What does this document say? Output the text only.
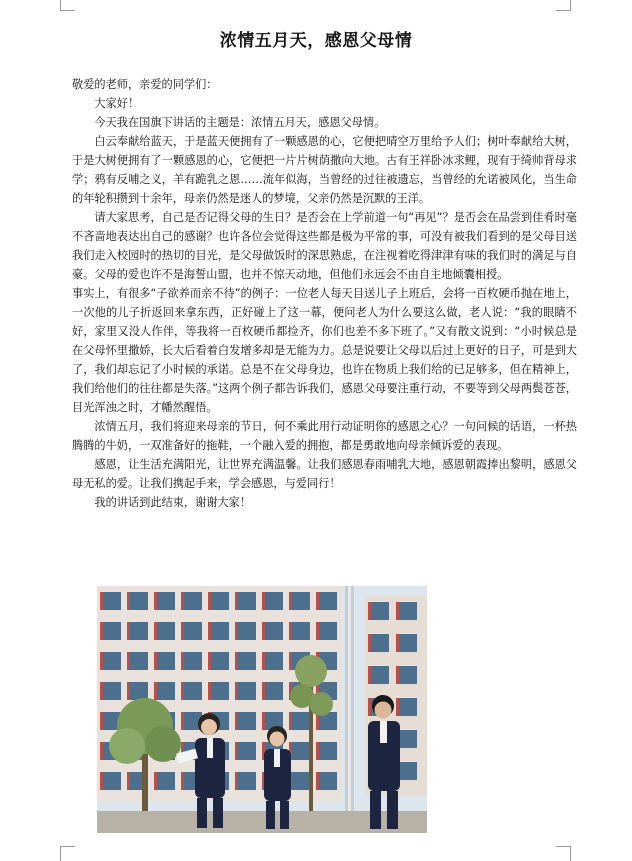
浓情五月天，感恩父母情

敬爱的老师，亲爱的同学们：

大家好！

今天我在国旗下讲话的主题是：浓情五月天，感恩父母情。

白云奉献给蓝天，于是蓝天便拥有了一颗感恩的心，它便把晴空万里给予人们；树叶奉献给大树，于是大树便拥有了一颗感恩的心，它便把一片片树荫撒向大地。古有王祥卧冰求鲤，现有于绮帅背母求学；鸦有反哺之义，羊有跪乳之恩……流年似海，当曾经的过往被遗忘，当曾经的允诺被风化，当生命的年轮积攒到十余年，母亲仍然是迷人的梦境，父亲仍然是沉默的王洋。

请大家思考，自己是否记得父母的生日？是否会在上学前道一句“再见”？是否会在品尝到佳肴时毫不吝啬地表达出自己的感谢？也许各位会觉得这些都是极为平常的事，可没有被我们看到的是父母目送我们走入校园时的热切的目光，是父母做饭时的深思熟虑，在注视着吃得津津有味的我们时的满足与自豪。父母的爱也许不是海誓山盟，也并不惊天动地，但他们永远会不由自主地倾囊相授。

事实上，有很多“子欲养而亲不待”的例子：一位老人每天目送儿子上班后，会将一百枚硬币抛在地上，一次他的儿子折返回来拿东西，正好碰上了这一幕，便问老人为什么要这么做，老人说：“我的眼睛不好，家里又没人作伴，等我将一百枚硬币都捡齐，你们也差不多下班了。”又有散文说到：“小时候总是在父母怀里撒娇，长大后看着白发增多却是无能为力。总是说要让父母以后过上更好的日子，可是到大了，我们却忘记了小时候的承诺。总是不在父母身边，也许在物质上我们给的已足够多，但在精神上，我们给他们的往往都是失落。”这两个例子都告诉我们，感恩父母要注重行动，不要等到父母两鬓苍苍，目光浑浊之时，才幡然醒悟。

浓情五月，我们将迎来母亲的节日，何不乘此用行动证明你的感恩之心？一句问候的话语，一杯热腾腾的牛奶，一双准备好的拖鞋，一个融入爱的拥抱，都是勇敢地向母亲倾诉爱的表现。

感恩，让生活充满阳光，让世界充满温馨。让我们感恩春雨哺乳大地，感恩朝霞捧出黎明，感恩父母无私的爱。让我们携起手来，学会感恩，与爱同行！

我的讲话到此结束，谢谢大家！
